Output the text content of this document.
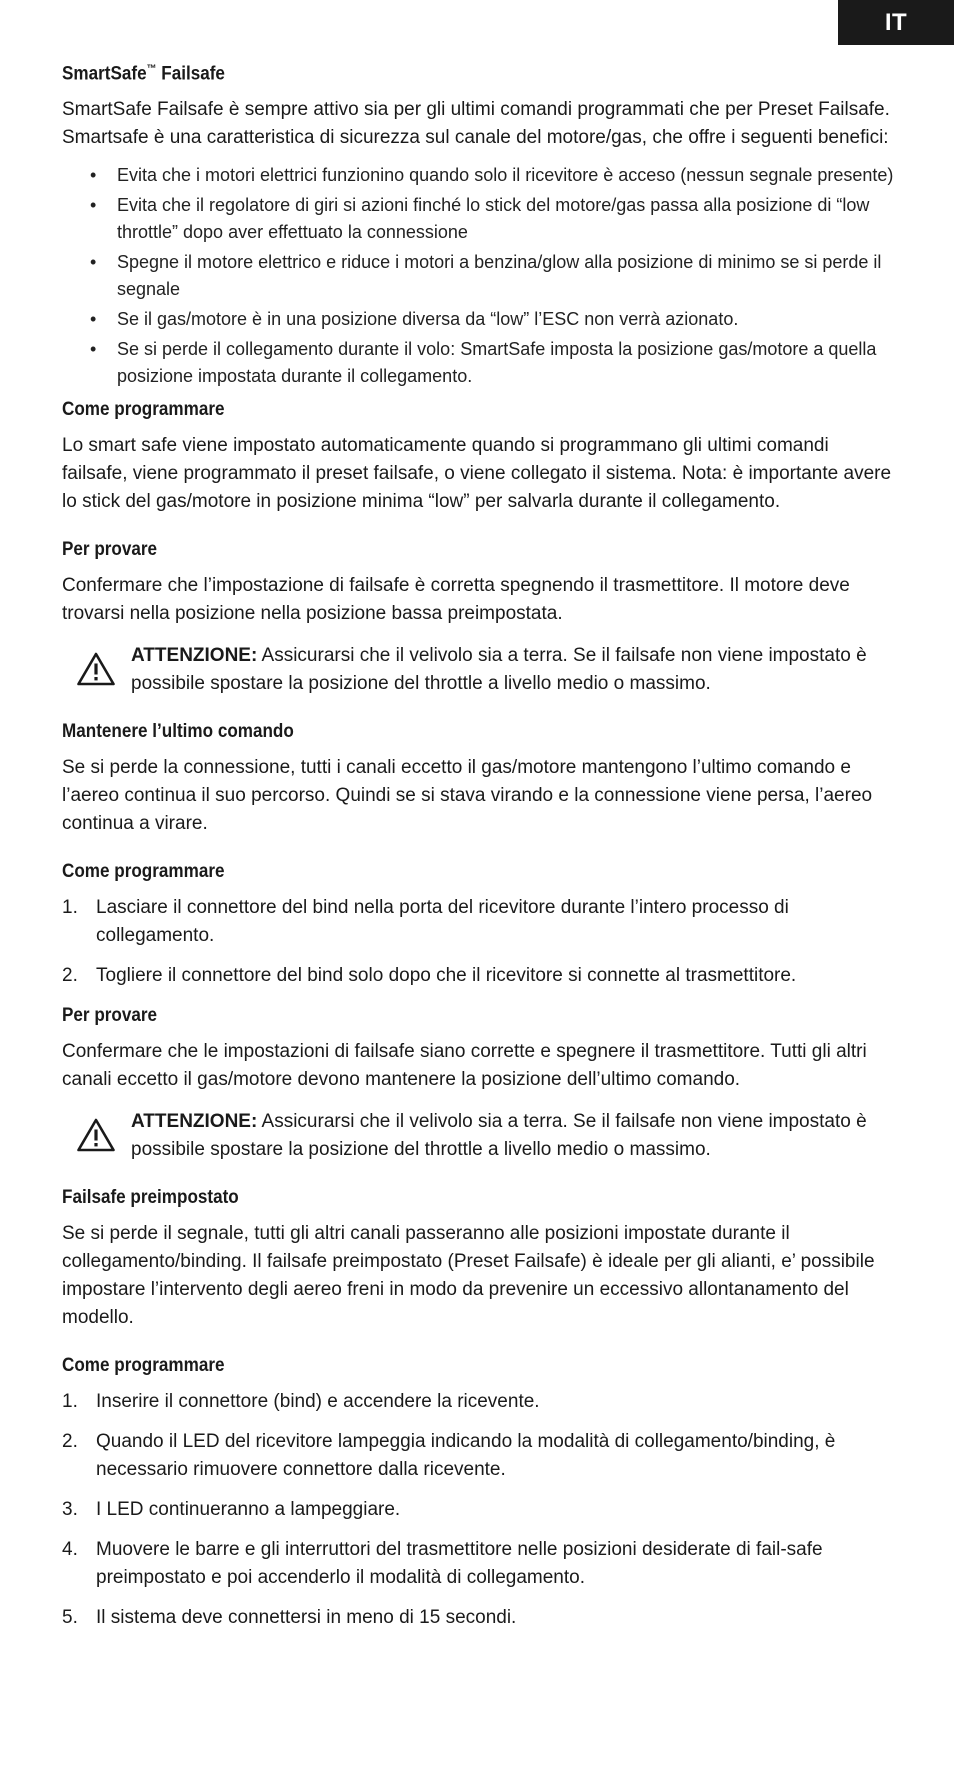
IT
SmartSafe™ Failsafe
SmartSafe Failsafe è sempre attivo sia per gli ultimi comandi programmati che per Preset Failsafe. Smartsafe è una caratteristica di sicurezza sul canale del motore/gas, che offre i seguenti benefici:
• Evita che i motori elettrici funzionino quando solo il ricevitore è acceso (nessun segnale presente)
• Evita che il regolatore di giri si azioni finché lo stick del motore/gas passa alla posizione di “low throttle” dopo aver effettuato la connessione
• Spegne il motore elettrico e riduce i motori a benzina/glow alla posizione di minimo se si perde il segnale
• Se il gas/motore è in una posizione diversa da “low” l’ESC non verrà azionato.
• Se si perde il collegamento durante il volo: SmartSafe imposta la posizione gas/motore a quella posizione impostata durante il collegamento.
Come programmare
Lo smart safe viene impostato automaticamente quando si programmano gli ultimi comandi failsafe, viene programmato il preset failsafe, o viene collegato il sistema. Nota: è importante avere lo stick del gas/motore in posizione minima “low” per salvarla durante il collegamento.
Per provare
Confermare che l’impostazione di failsafe è corretta spegnendo il trasmettitore. Il motore deve trovarsi nella posizione nella posizione bassa preimpostata.
ATTENZIONE: Assicurarsi che il velivolo sia a terra. Se il failsafe non viene impostato è possibile spostare la posizione del throttle a livello medio o massimo.
Mantenere l’ultimo comando
Se si perde la connessione, tutti i canali eccetto il gas/motore mantengono l’ultimo comando e l’aereo continua il suo percorso. Quindi se si stava virando e la connessione viene persa, l’aereo continua a virare.
Come programmare
1. Lasciare il connettore del bind nella porta del ricevitore durante l’intero processo di collegamento.
2. Togliere il connettore del bind solo dopo che il ricevitore si connette al trasmettitore.
Per provare
Confermare che le impostazioni di failsafe siano corrette e spegnere il trasmettitore. Tutti gli altri canali eccetto il gas/motore devono mantenere la posizione dell’ultimo comando.
ATTENZIONE: Assicurarsi che il velivolo sia a terra. Se il failsafe non viene impostato è possibile spostare la posizione del throttle a livello medio o massimo.
Failsafe preimpostato
Se si perde il segnale, tutti gli altri canali passeranno alle posizioni impostate durante il collegamento/binding. Il failsafe preimpostato (Preset Failsafe) è ideale per gli alianti, e’ possibile impostare l’intervento degli aereo freni in modo da prevenire un eccessivo allontanamento del modello.
Come programmare
1. Inserire il connettore (bind) e accendere la ricevente.
2. Quando il LED del ricevitore lampeggia indicando la modalità di collegamento/binding, è necessario rimuovere connettore dalla ricevente.
3. I LED continueranno a lampeggiare.
4. Muovere le barre e gli interruttori del trasmettitore nelle posizioni desiderate di fail-safe preimpostato e poi accenderlo il modalità di collegamento.
5. Il sistema deve connettersi in meno di 15 secondi.
